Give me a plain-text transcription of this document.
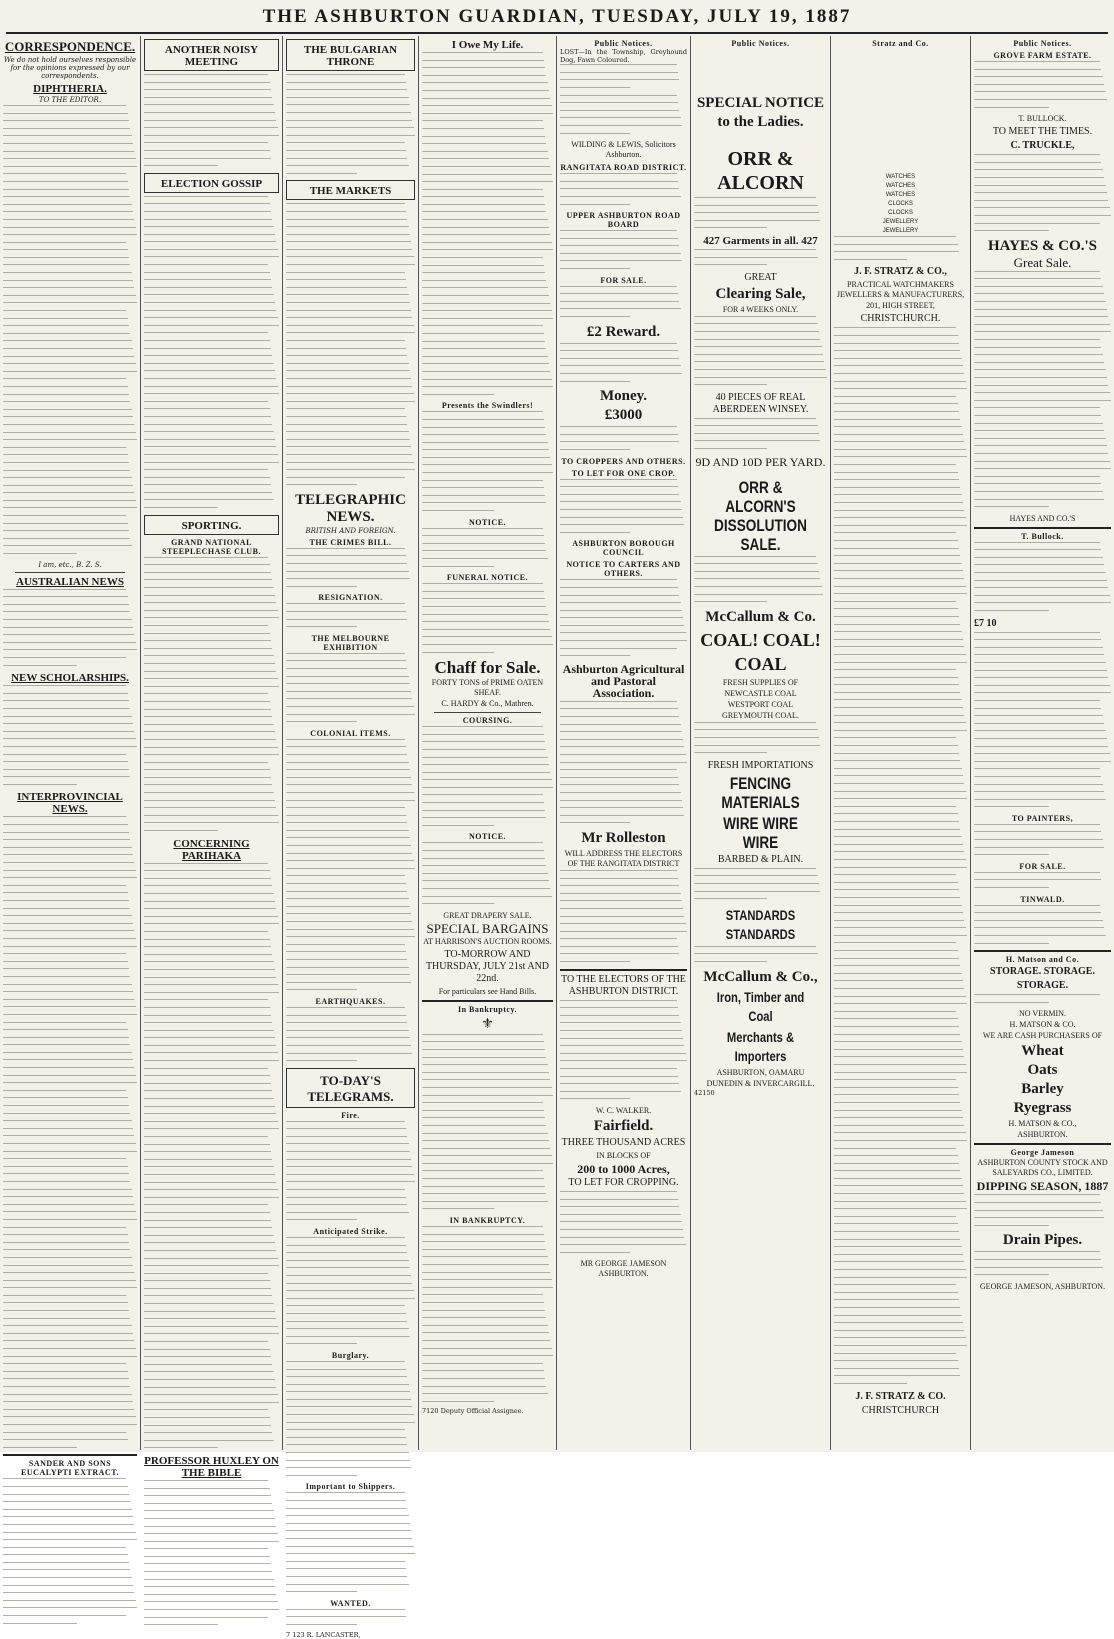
THE ASHBURTON GUARDIAN, TUESDAY, JULY 19, 1887
CORRESPONDENCE.
We do not hold ourselves responsible for the opinions expressed by our correspondents.
DIPHTHERIA.
TO THE EDITOR.
I am, etc., B. Z. S.
AUSTRALIAN NEWS
NEW SCHOLARSHIPS.
INTERPROVINCIAL NEWS.
SANDER AND SONS EUCALYPTI EXTRACT.
ANOTHER NOISY MEETING
ELECTION GOSSIP
SPORTING.
GRAND NATIONAL STEEPLECHASE CLUB.
CONCERNING PARIHAKA
PROFESSOR HUXLEY ON THE BIBLE
THE BULGARIAN THRONE
THE MARKETS
TELEGRAPHIC NEWS.
BRITISH AND FOREIGN.
THE CRIMES BILL.
RESIGNATION.
THE MELBOURNE EXHIBITION
COLONIAL ITEMS.
EARTHQUAKES.
TO-DAY'S TELEGRAMS.
Fire.
Anticipated Strike.
Burglary.
Important to Shippers.
WANTED.
7 123 R. LANCASTER,
I Owe My Life.
Presents the Swindlers!
NOTICE.
FUNERAL NOTICE.
Chaff for Sale.
FORTY TONS of PRIME OATEN SHEAF.
C. HARDY & Co., Mathren.
COURSING.
NOTICE.
GREAT DRAPERY SALE.
SPECIAL BARGAINS
AT HARRISON'S AUCTION ROOMS.
TO-MORROW AND THURSDAY, JULY 21st AND 22nd.
For particulars see Hand Bills.
In Bankruptcy.
⚜
IN BANKRUPTCY.
7120 Deputy Official Assignee.
Public Notices.
LOST—In the Township, Greyhound Dog, Fawn Coloured.
WILDING & LEWIS, Solicitors Ashburton.
RANGITATA ROAD DISTRICT.
UPPER ASHBURTON ROAD BOARD
FOR SALE.
£2 Reward.
Money.
£3000
TO CROPPERS AND OTHERS.
TO LET FOR ONE CROP.
ASHBURTON BOROUGH COUNCIL
NOTICE TO CARTERS AND OTHERS.
Ashburton Agricultural and Pastoral Association.
Mr Rolleston
WILL ADDRESS THE ELECTORS OF THE RANGITATA DISTRICT
TO THE ELECTORS OF THE ASHBURTON DISTRICT.
W. C. WALKER.
Fairfield.
THREE THOUSAND ACRES
IN BLOCKS OF
200 to 1000 Acres,
TO LET FOR CROPPING.
MR GEORGE JAMESON ASHBURTON.
Public Notices.
SPECIAL NOTICE
to the Ladies.
ORR & ALCORN
427 Garments in all. 427
GREAT
Clearing Sale,
FOR 4 WEEKS ONLY.
40 PIECES OF REAL ABERDEEN WINSEY.
9D AND 10D PER YARD.
ORR & ALCORN'S DISSOLUTION SALE.
McCallum & Co.
COAL! COAL! COAL
FRESH SUPPLIES OF
NEWCASTLE COAL
WESTPORT COAL
GREYMOUTH COAL.
FRESH IMPORTATIONS
FENCING MATERIALS
WIRE WIRE WIRE
BARBED & PLAIN.
STANDARDS STANDARDS
McCallum & Co.,
Iron, Timber and Coal
Merchants & Importers
ASHBURTON, OAMARU
DUNEDIN & INVERCARGILL.
42150
Stratz and Co.
WATCHES
WATCHES
WATCHES
CLOCKS
CLOCKS
JEWELLERY
JEWELLERY
J. F. STRATZ & CO.,
PRACTICAL WATCHMAKERS JEWELLERS & MANUFACTURERS,
201, HIGH STREET,
CHRISTCHURCH.
J. F. STRATZ & CO.
CHRISTCHURCH
Public Notices.
GROVE FARM ESTATE.
T. BULLOCK.
TO MEET THE TIMES.
C. TRUCKLE,
HAYES & CO.'S
Great Sale.
HAYES AND CO.'S
T. Bullock.
£7 10
TO PAINTERS,
FOR SALE.
TINWALD.
H. Matson and Co.
STORAGE. STORAGE.
STORAGE.
NO VERMIN.
H. MATSON & CO.
WE ARE CASH PURCHASERS OF
Wheat
Oats
Barley
Ryegrass
H. MATSON & CO.,
ASHBURTON.
George Jameson
ASHBURTON COUNTY STOCK AND SALEYARDS CO., LIMITED.
DIPPING SEASON, 1887
Drain Pipes.
GEORGE JAMESON, ASHBURTON.
